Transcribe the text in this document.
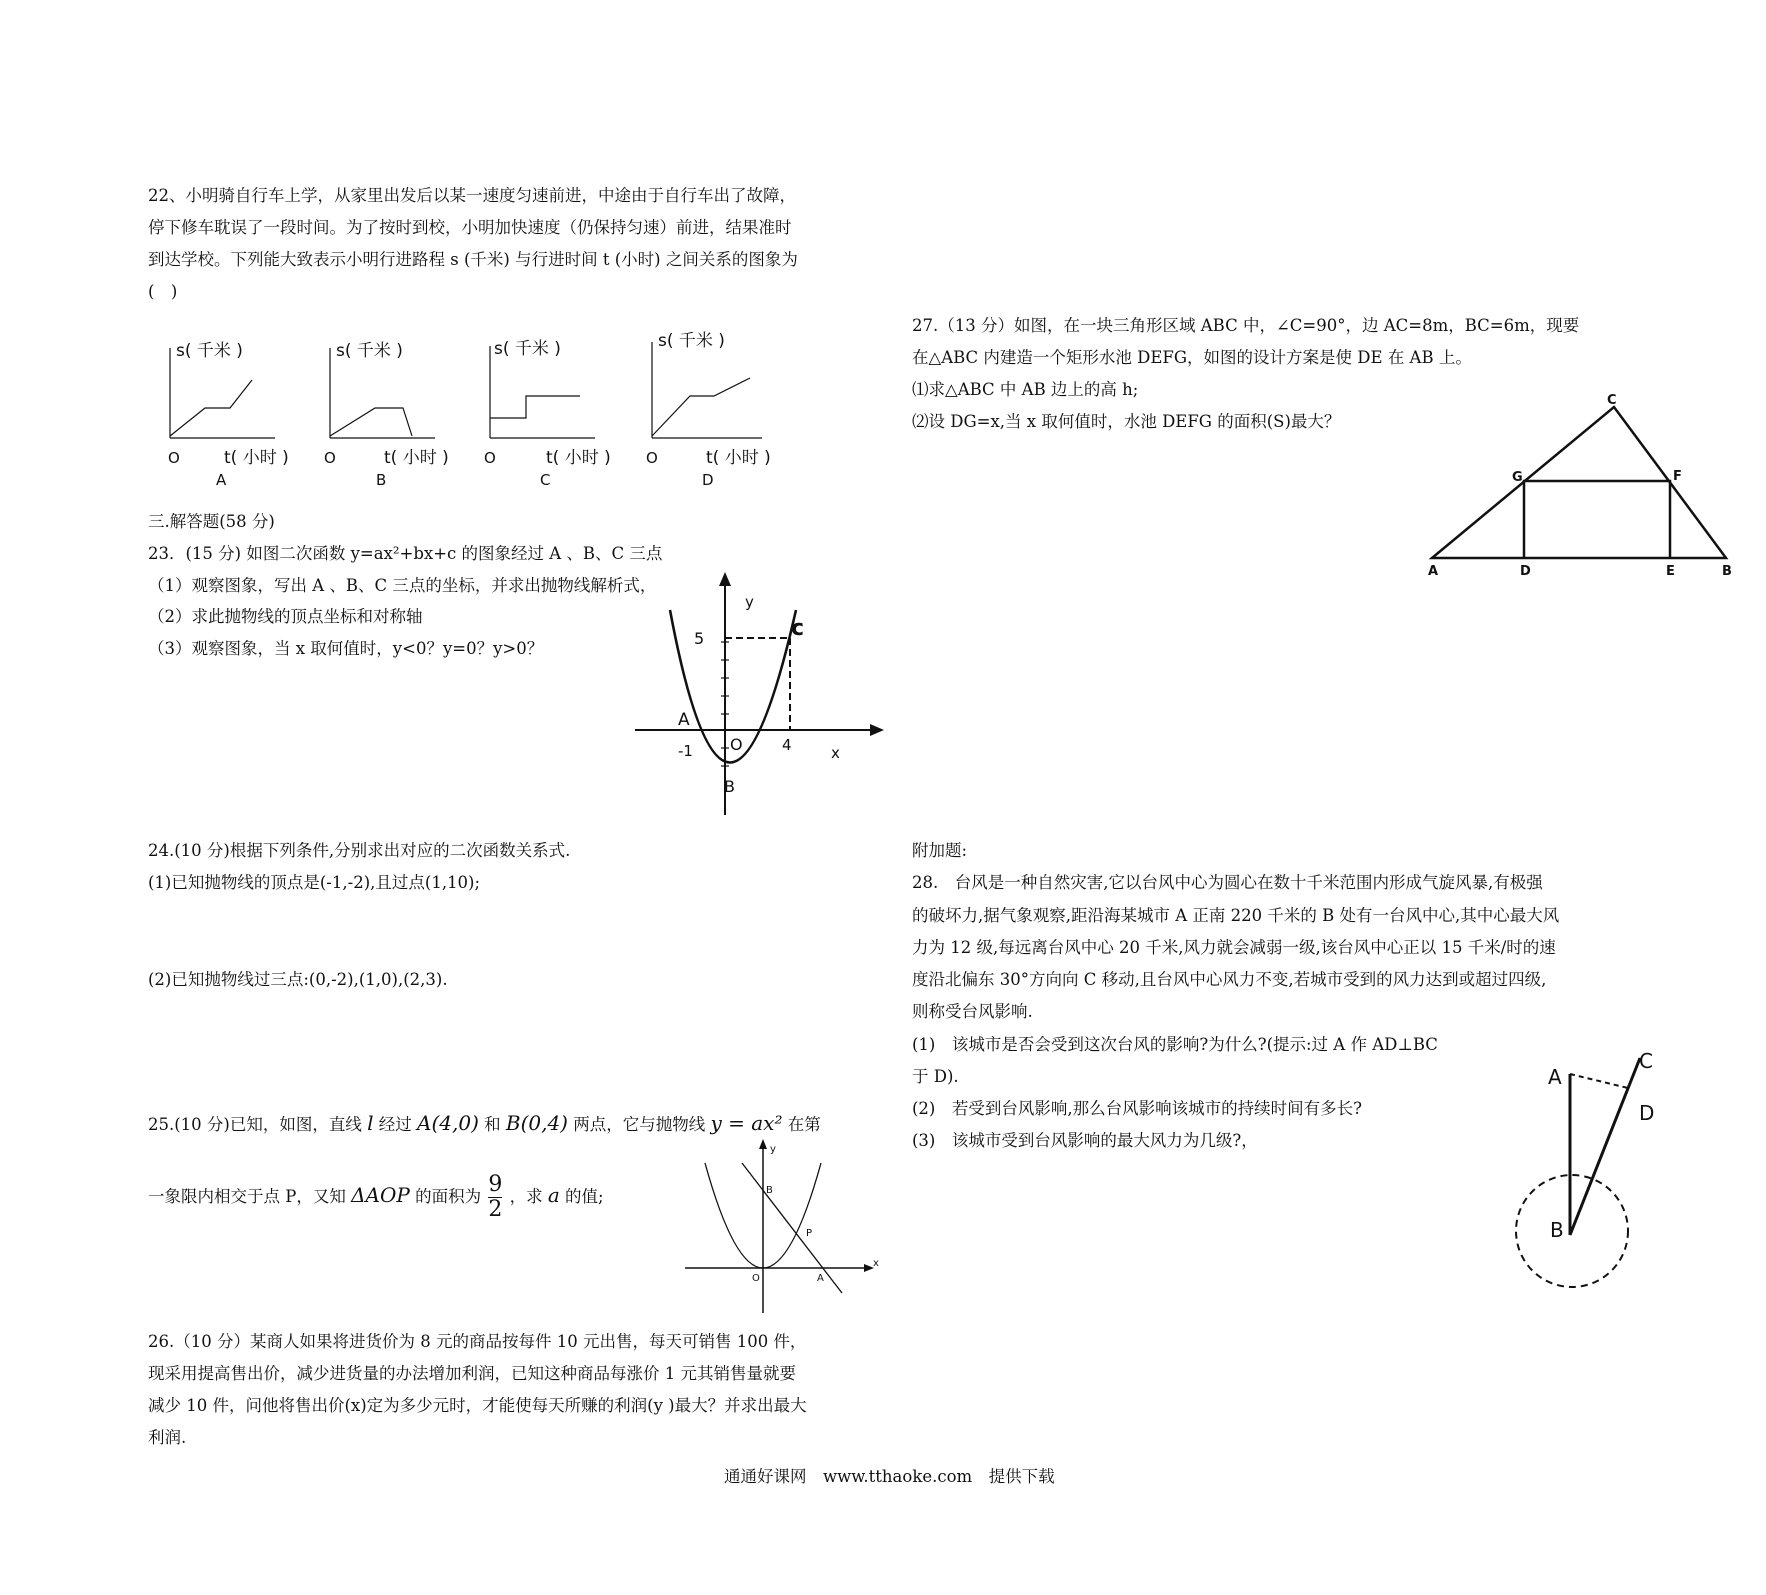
22、小明骑自行车上学，从家里出发后以某一速度匀速前进，中途由于自行车出了故障，
停下修车耽误了一段时间。为了按时到校，小明加快速度（仍保持匀速）前进，结果准时
到达学校。下列能大致表示小明行进路程 s (千米) 与行进时间 t (小时) 之间关系的图象为
(　)
s( 千米 )
O	t( 小时 )
A
s( 千米 )
O	t( 小时 )
B
s( 千米 )
O	t( 小时 )
C
s( 千米 )
O	t( 小时 )
D
三.解答题(58 分)
23．(15 分) 如图二次函数 y=ax²+bx+c 的图象经过 A 、B、C 三点
（1）观察图象，写出 A 、B、C 三点的坐标，并求出抛物线解析式，
（2）求此抛物线的顶点坐标和对称轴
（3）观察图象，当 x 取何值时，y<0？y=0？y>0？
y
x
5	c
A
O
-1	4
B
24.(10 分)根据下列条件,分别求出对应的二次函数关系式.
(1)已知抛物线的顶点是(-1,-2),且过点(1,10);
(2)已知抛物线过三点:(0,-2),(1,0),(2,3).
25.(10 分)已知，如图，直线 l 经过 A(4,0) 和 B(0,4) 两点，它与抛物线 y = ax² 在第
一象限内相交于点 P，又知 ΔAOP 的面积为 $\frac{9}{2}$ ，求 a 的值;
y
x
B
P
O	A
26.（10 分）某商人如果将进货价为 8 元的商品按每件 10 元出售，每天可销售 100 件，
现采用提高售出价，减少进货量的办法增加利润，已知这种商品每涨价 1 元其销售量就要
减少 10 件，问他将售出价(x)定为多少元时，才能使每天所赚的利润(y )最大？并求出最大
利润.
27.（13 分）如图，在一块三角形区域 ABC 中，∠C=90°，边 AC=8m，BC=6m，现要
在△ABC 内建造一个矩形水池 DEFG，如图的设计方案是使 DE 在 AB 上。
⑴求△ABC 中 AB 边上的高 h;
⑵设 DG=x,当 x 取何值时，水池 DEFG 的面积(S)最大？
C
G	F
A	D	E	B
附加题:
28.　台风是一种自然灾害,它以台风中心为圆心在数十千米范围内形成气旋风暴,有极强
的破坏力,据气象观察,距沿海某城市 A 正南 220 千米的 B 处有一台风中心,其中心最大风
力为 12 级,每远离台风中心 20 千米,风力就会减弱一级,该台风中心正以 15 千米/时的速
度沿北偏东 30°方向向 C 移动,且台风中心风力不变,若城市受到的风力达到或超过四级,
则称受台风影响.
(1)　该城市是否会受到这次台风的影响?为什么?(提示:过 A 作 AD⊥BC
于 D).
(2)　若受到台风影响,那么台风影响该城市的持续时间有多长?
(3)　该城市受到台风影响的最大风力为几级?，
A
B
C
D
通通好课网　www.tthaoke.com　提供下载
